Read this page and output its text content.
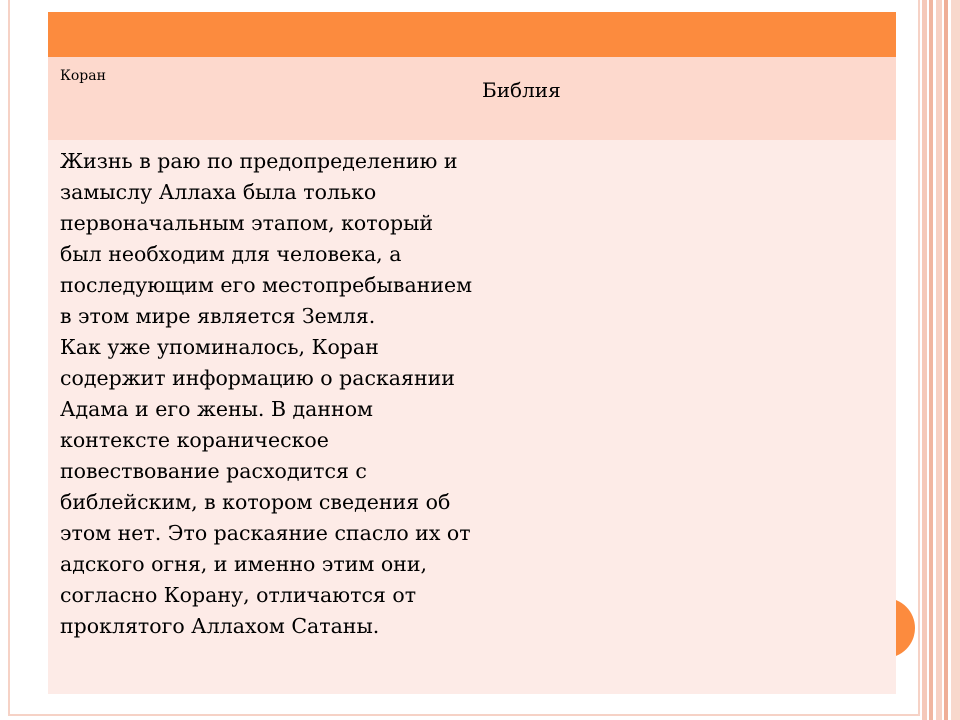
Коран
Библия

Жизнь в раю по предопределению и замыслу Аллаха была только первоначальным этапом, который был необходим для человека, а последующим его местопребыванием в этом мире является Земля.

Как уже упоминалось, Коран содержит информацию о раскаянии Адама и его жены. В данном контексте кораническое повествование расходится с библейским, в котором сведения об этом нет. Это раскаяние спасло их от адского огня, и именно этим они, согласно Корану, отличаются от проклятого Аллахом Сатаны.
